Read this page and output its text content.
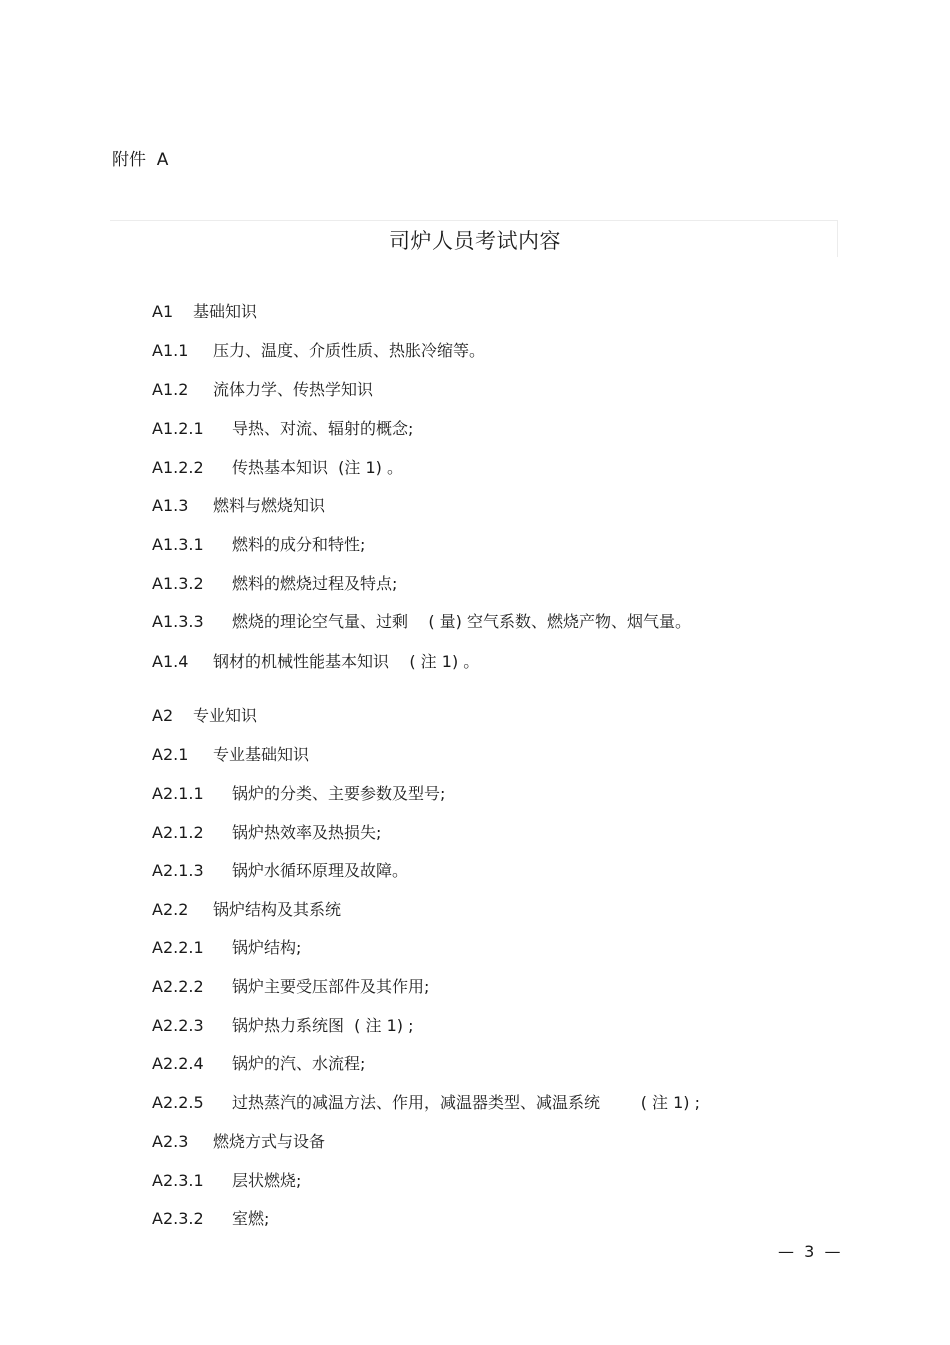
附件  A
司炉人员考试内容
A1 基础知识
A1.1 压力、温度、介质性质、热胀冷缩等。
A1.2 流体力学、传热学知识
A1.2.1 导热、对流、辐射的概念;
A1.2.2 传热基本知识  (注 1) 。
A1.3 燃料与燃烧知识
A1.3.1 燃料的成分和特性;
A1.3.2 燃料的燃烧过程及特点;
A1.3.3 燃烧的理论空气量、过剩    ( 量) 空气系数、燃烧产物、烟气量。
A1.4 钢材的机械性能基本知识    ( 注 1) 。
A2 专业知识
A2.1 专业基础知识
A2.1.1 锅炉的分类、主要参数及型号;
A2.1.2 锅炉热效率及热损失;
A2.1.3 锅炉水循环原理及故障。
A2.2 锅炉结构及其系统
A2.2.1 锅炉结构;
A2.2.2 锅炉主要受压部件及其作用;
A2.2.3 锅炉热力系统图  ( 注 1) ;
A2.2.4 锅炉的汽、水流程;
A2.2.5 过热蒸汽的减温方法、作用，减温器类型、减温系统        ( 注 1) ;
A2.3 燃烧方式与设备
A2.3.1 层状燃烧;
A2.3.2 室燃;
—  3  —
